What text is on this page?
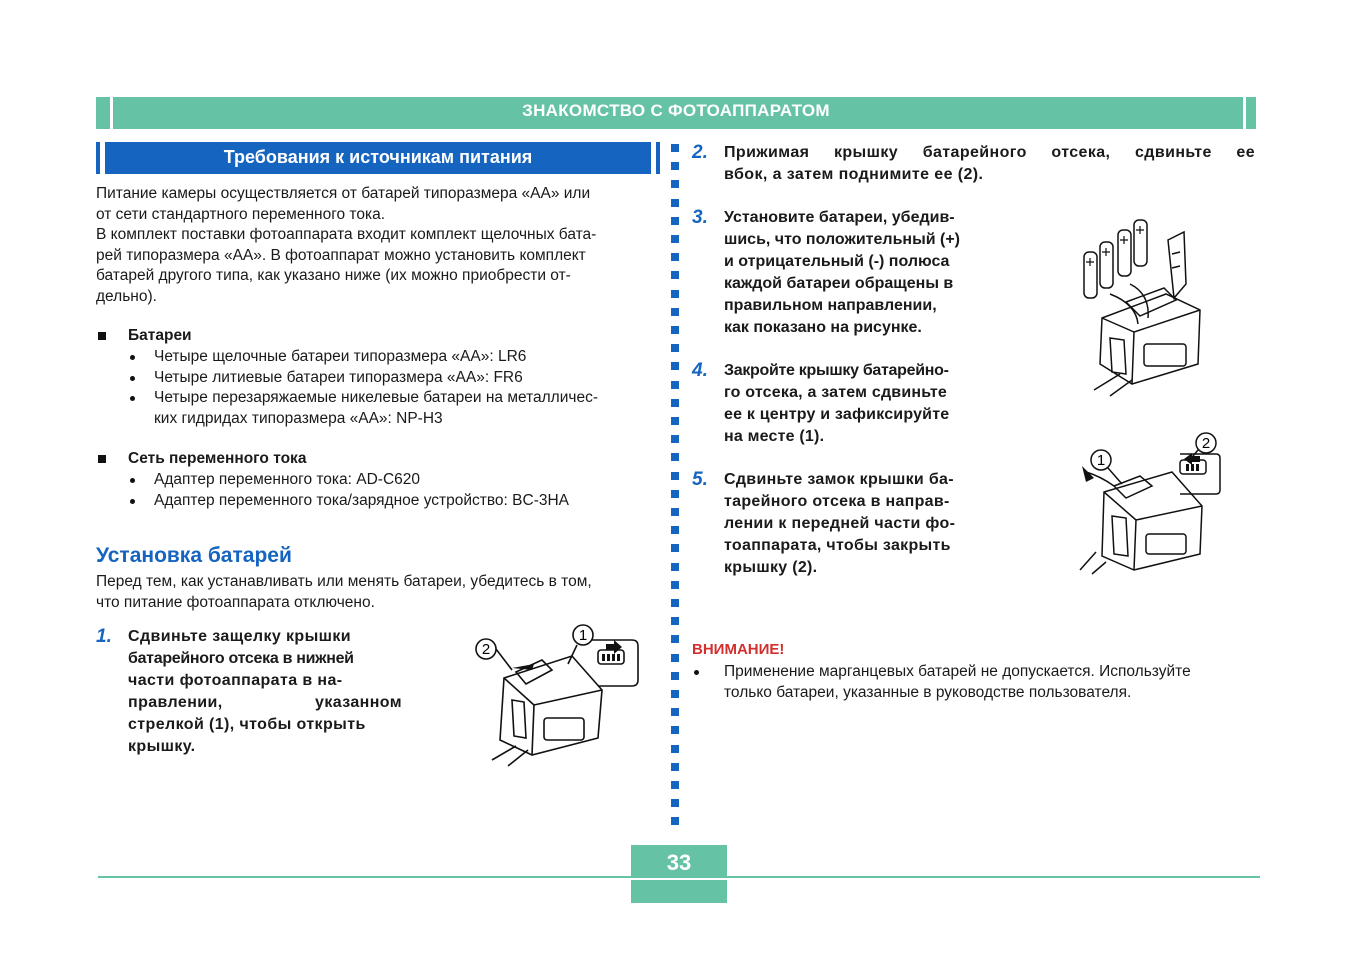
ЗНАКОМСТВО С ФОТОАППАРАТОМ
Требования к источникам питания
Питание камеры осуществляется от батарей типоразмера «АА» или
от сети стандартного переменного тока.
В комплект поставки фотоаппарата входит комплект щелочных бата-
рей типоразмера «АА». В фотоаппарат можно установить комплект
батарей другого типа, как указано ниже (их можно приобрести от-
дельно).
Батареи
Четыре щелочные батареи типоразмера «АА»: LR6
Четыре литиевые батареи типоразмера «АА»: FR6
Четыре перезаряжаемые никелевые батареи на металличес-
ких гидридах типоразмера «АА»: NP-H3
Сеть переменного тока
Адаптер переменного тока: AD-C620
Адаптер переменного тока/зарядное устройство: BC-3HA
Установка батарей
Перед тем, как устанавливать или менять батареи, убедитесь в том,
что питание фотоаппарата отключено.
1. Сдвиньте защелку крышки
батарейного отсека в нижней
части фотоаппарата в на-
правлении, указанном
стрелкой (1), чтобы открыть
крышку.
2
1
2. Прижимая крышку батарейного отсека, сдвиньте ее
вбок, а затем поднимите ее (2).
3. Установите батареи, убедив-
шись, что положительный (+)
и отрицательный (-) полюса
каждой батареи обращены в
правильном направлении,
как показано на рисунке.
4. Закройте крышку батарейно-
го отсека, а затем сдвиньте
ее к центру и зафиксируйте
на месте (1).
1
2
5. Сдвиньте замок крышки ба-
тарейного отсека в направ-
лении к передней части фо-
тоаппарата, чтобы закрыть
крышку (2).
ВНИМАНИЕ!
Применение марганцевых батарей не допускается. Используйте
только батареи, указанные в руководстве пользователя.
33
